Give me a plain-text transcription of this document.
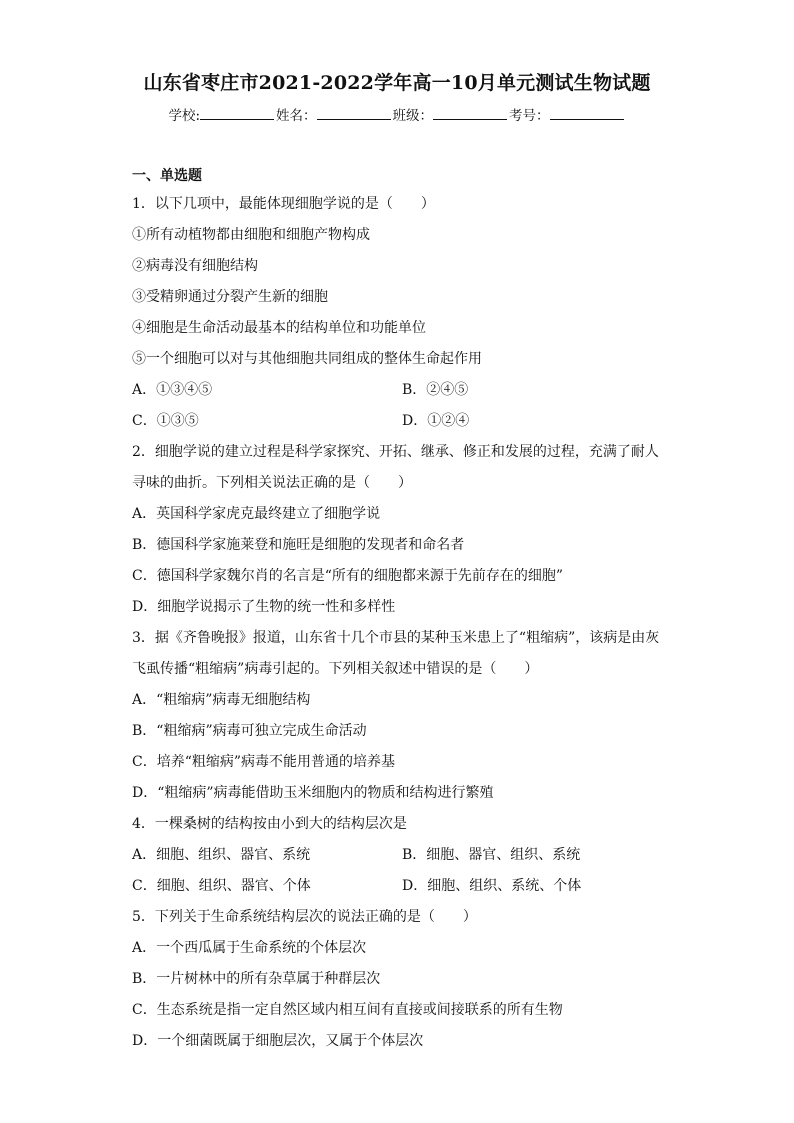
山东省枣庄市2021-2022学年高一10月单元测试生物试题
学校:	姓名：	班级：	考号：
一、单选题
1．以下几项中，最能体现细胞学说的是（　　）
①所有动植物都由细胞和细胞产物构成
②病毒没有细胞结构
③受精卵通过分裂产生新的细胞
④细胞是生命活动最基本的结构单位和功能单位
⑤一个细胞可以对与其他细胞共同组成的整体生命起作用
A．①③④⑤	B．②④⑤
C．①③⑤	D．①②④
2．细胞学说的建立过程是科学家探究、开拓、继承、修正和发展的过程，充满了耐人寻味的曲折。下列相关说法正确的是（　　）
A．英国科学家虎克最终建立了细胞学说
B．德国科学家施莱登和施旺是细胞的发现者和命名者
C．德国科学家魏尔肖的名言是“所有的细胞都来源于先前存在的细胞”
D．细胞学说揭示了生物的统一性和多样性
3．据《齐鲁晚报》报道，山东省十几个市县的某种玉米患上了“粗缩病”，该病是由灰飞虱传播“粗缩病”病毒引起的。下列相关叙述中错误的是（　　）
A．“粗缩病”病毒无细胞结构
B．“粗缩病”病毒可独立完成生命活动
C．培养“粗缩病”病毒不能用普通的培养基
D．“粗缩病”病毒能借助玉米细胞内的物质和结构进行繁殖
4．一棵桑树的结构按由小到大的结构层次是
A．细胞、组织、器官、系统	B．细胞、器官、组织、系统
C．细胞、组织、器官、个体	D．细胞、组织、系统、个体
5．下列关于生命系统结构层次的说法正确的是（　　）
A．一个西瓜属于生命系统的个体层次
B．一片树林中的所有杂草属于种群层次
C．生态系统是指一定自然区域内相互间有直接或间接联系的所有生物
D．一个细菌既属于细胞层次，又属于个体层次
